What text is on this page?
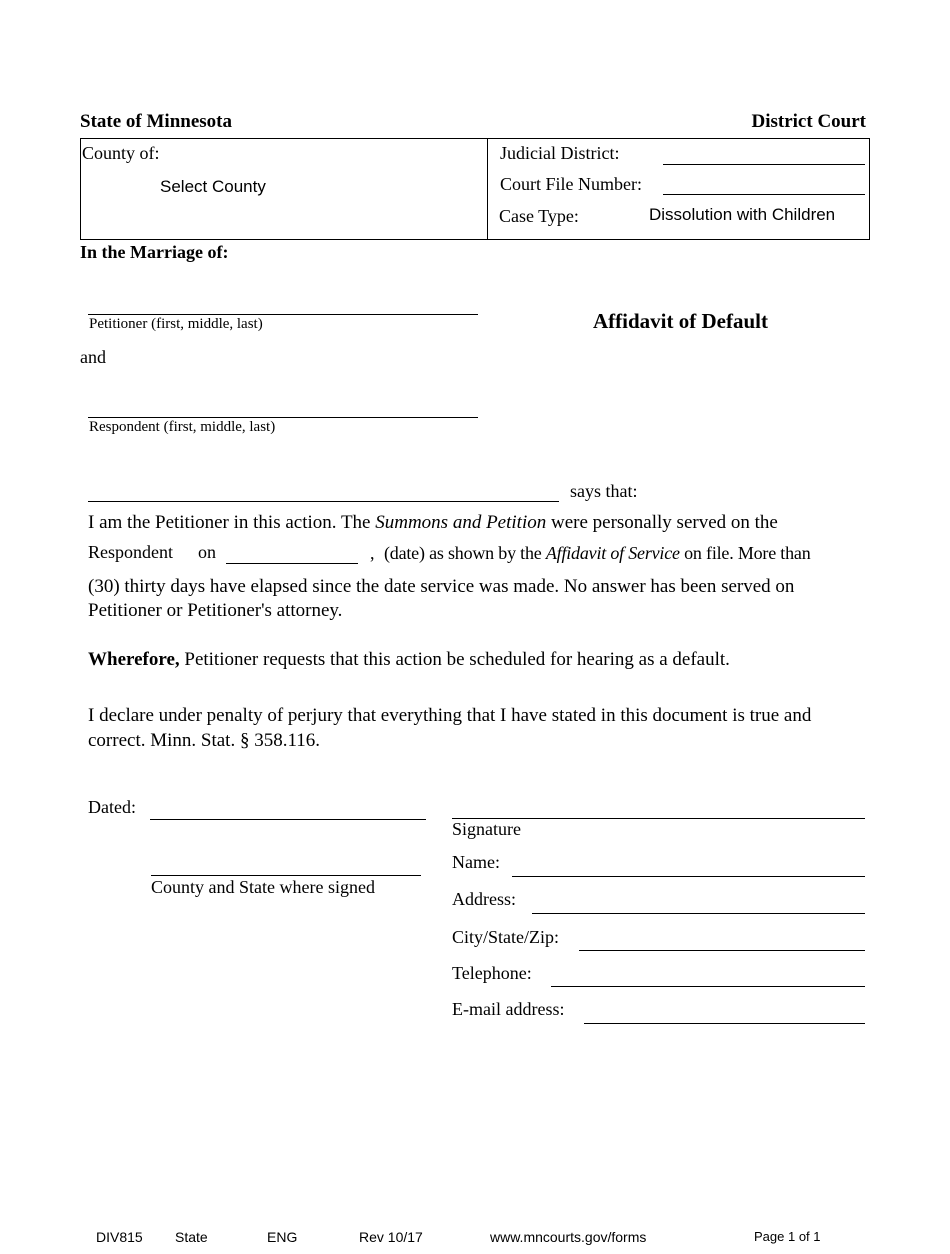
State of Minnesota	District Court
County of:
Select County
Judicial District:
Court File Number:
Case Type:	Dissolution with Children
In the Marriage of:
Petitioner (first, middle, last)	Affidavit of Default
and
Respondent (first, middle, last)
says that:
I am the Petitioner in this action. The Summons and Petition were personally served on the
Respondent on	, (date) as shown by the Affidavit of Service on file. More than
(30) thirty days have elapsed since the date service was made. No answer has been served on
Petitioner or Petitioner's attorney.
Wherefore, Petitioner requests that this action be scheduled for hearing as a default.
I declare under penalty of perjury that everything that I have stated in this document is true and
correct. Minn. Stat. § 358.116.
Dated:
County and State where signed
Signature
Name:
Address:
City/State/Zip:
Telephone:
E-mail address:
DIV815 State	ENG	Rev 10/17	www.mncourts.gov/forms	Page 1 of 1
